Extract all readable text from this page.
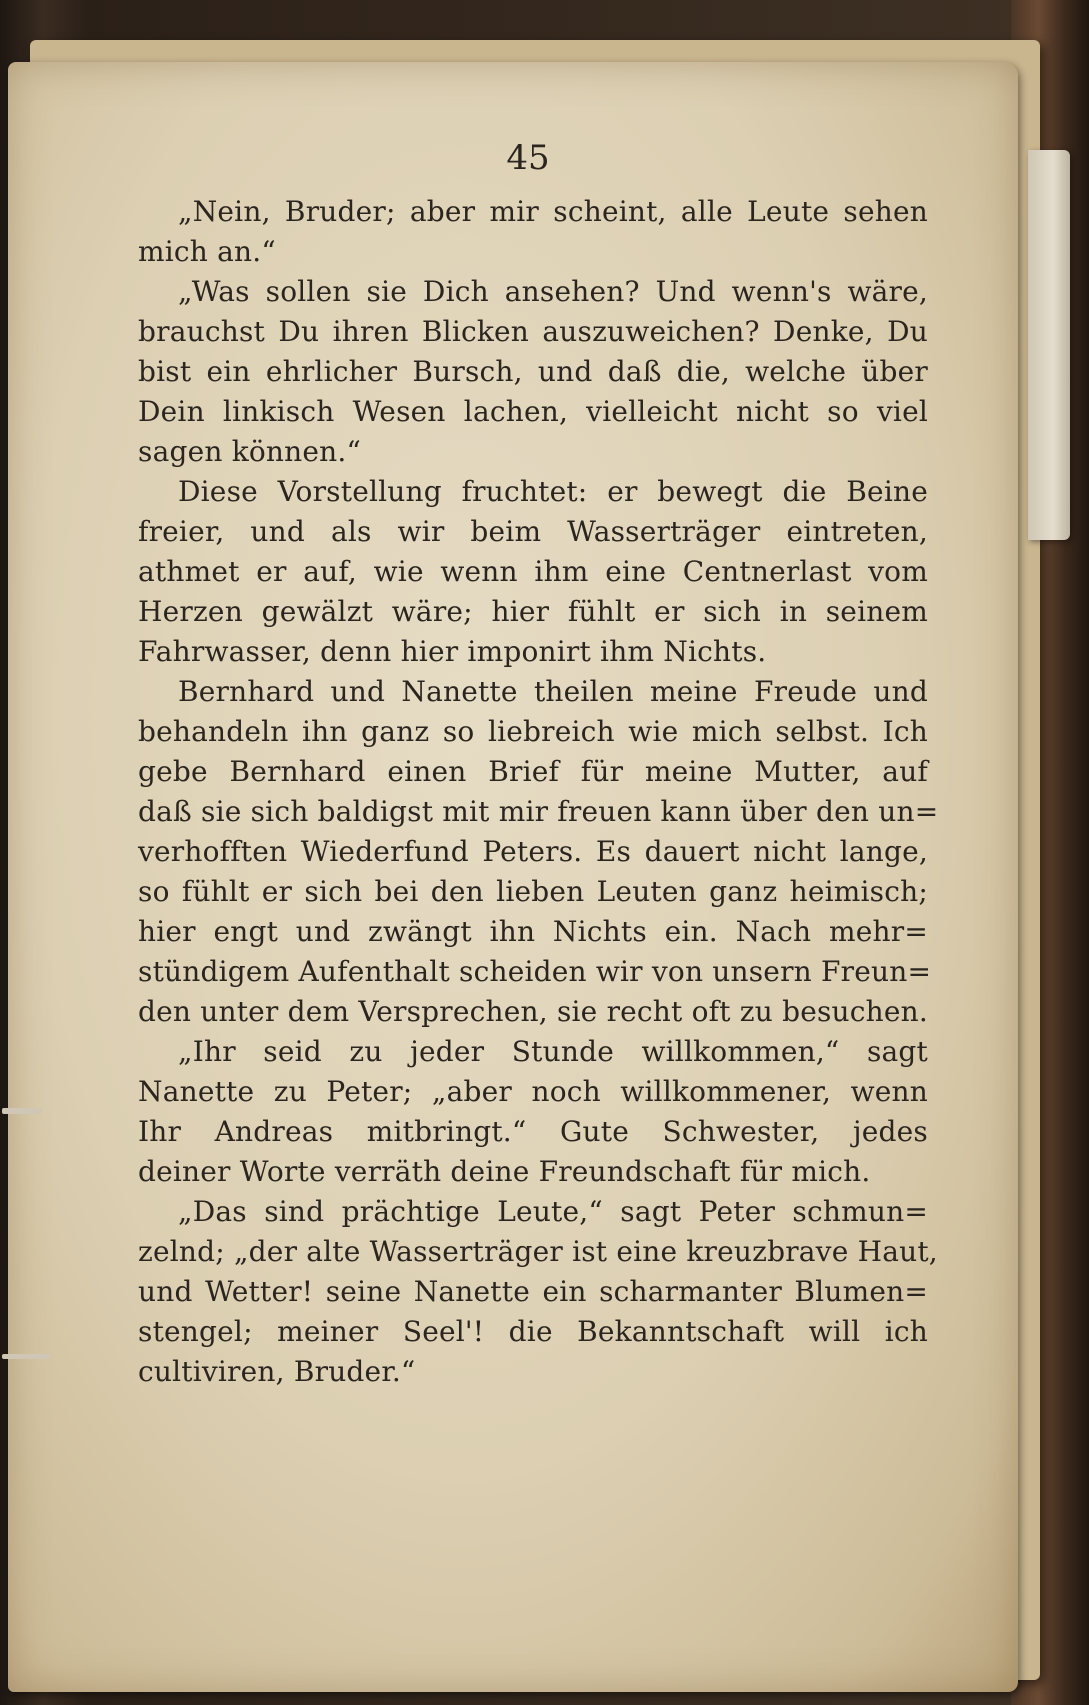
45
„Nein, Bruder; aber mir scheint, alle Leute sehen
mich an.“
„Was sollen sie Dich ansehen? Und wenn's wäre,
brauchst Du ihren Blicken auszuweichen? Denke, Du
bist ein ehrlicher Bursch, und daß die, welche über
Dein linkisch Wesen lachen, vielleicht nicht so viel
sagen können.“
Diese Vorstellung fruchtet: er bewegt die Beine
freier, und als wir beim Wasserträger eintreten,
athmet er auf, wie wenn ihm eine Centnerlast vom
Herzen gewälzt wäre; hier fühlt er sich in seinem
Fahrwasser, denn hier imponirt ihm Nichts.
Bernhard und Nanette theilen meine Freude und
behandeln ihn ganz so liebreich wie mich selbst. Ich
gebe Bernhard einen Brief für meine Mutter, auf
daß sie sich baldigst mit mir freuen kann über den un=
verhofften Wiederfund Peters. Es dauert nicht lange,
so fühlt er sich bei den lieben Leuten ganz heimisch;
hier engt und zwängt ihn Nichts ein. Nach mehr=
stündigem Aufenthalt scheiden wir von unsern Freun=
den unter dem Versprechen, sie recht oft zu besuchen.
„Ihr seid zu jeder Stunde willkommen,“ sagt
Nanette zu Peter; „aber noch willkommener, wenn
Ihr Andreas mitbringt.“ Gute Schwester, jedes
deiner Worte verräth deine Freundschaft für mich.
„Das sind prächtige Leute,“ sagt Peter schmun=
zelnd; „der alte Wasserträger ist eine kreuzbrave Haut,
und Wetter! seine Nanette ein scharmanter Blumen=
stengel; meiner Seel'! die Bekanntschaft will ich
cultiviren, Bruder.“
